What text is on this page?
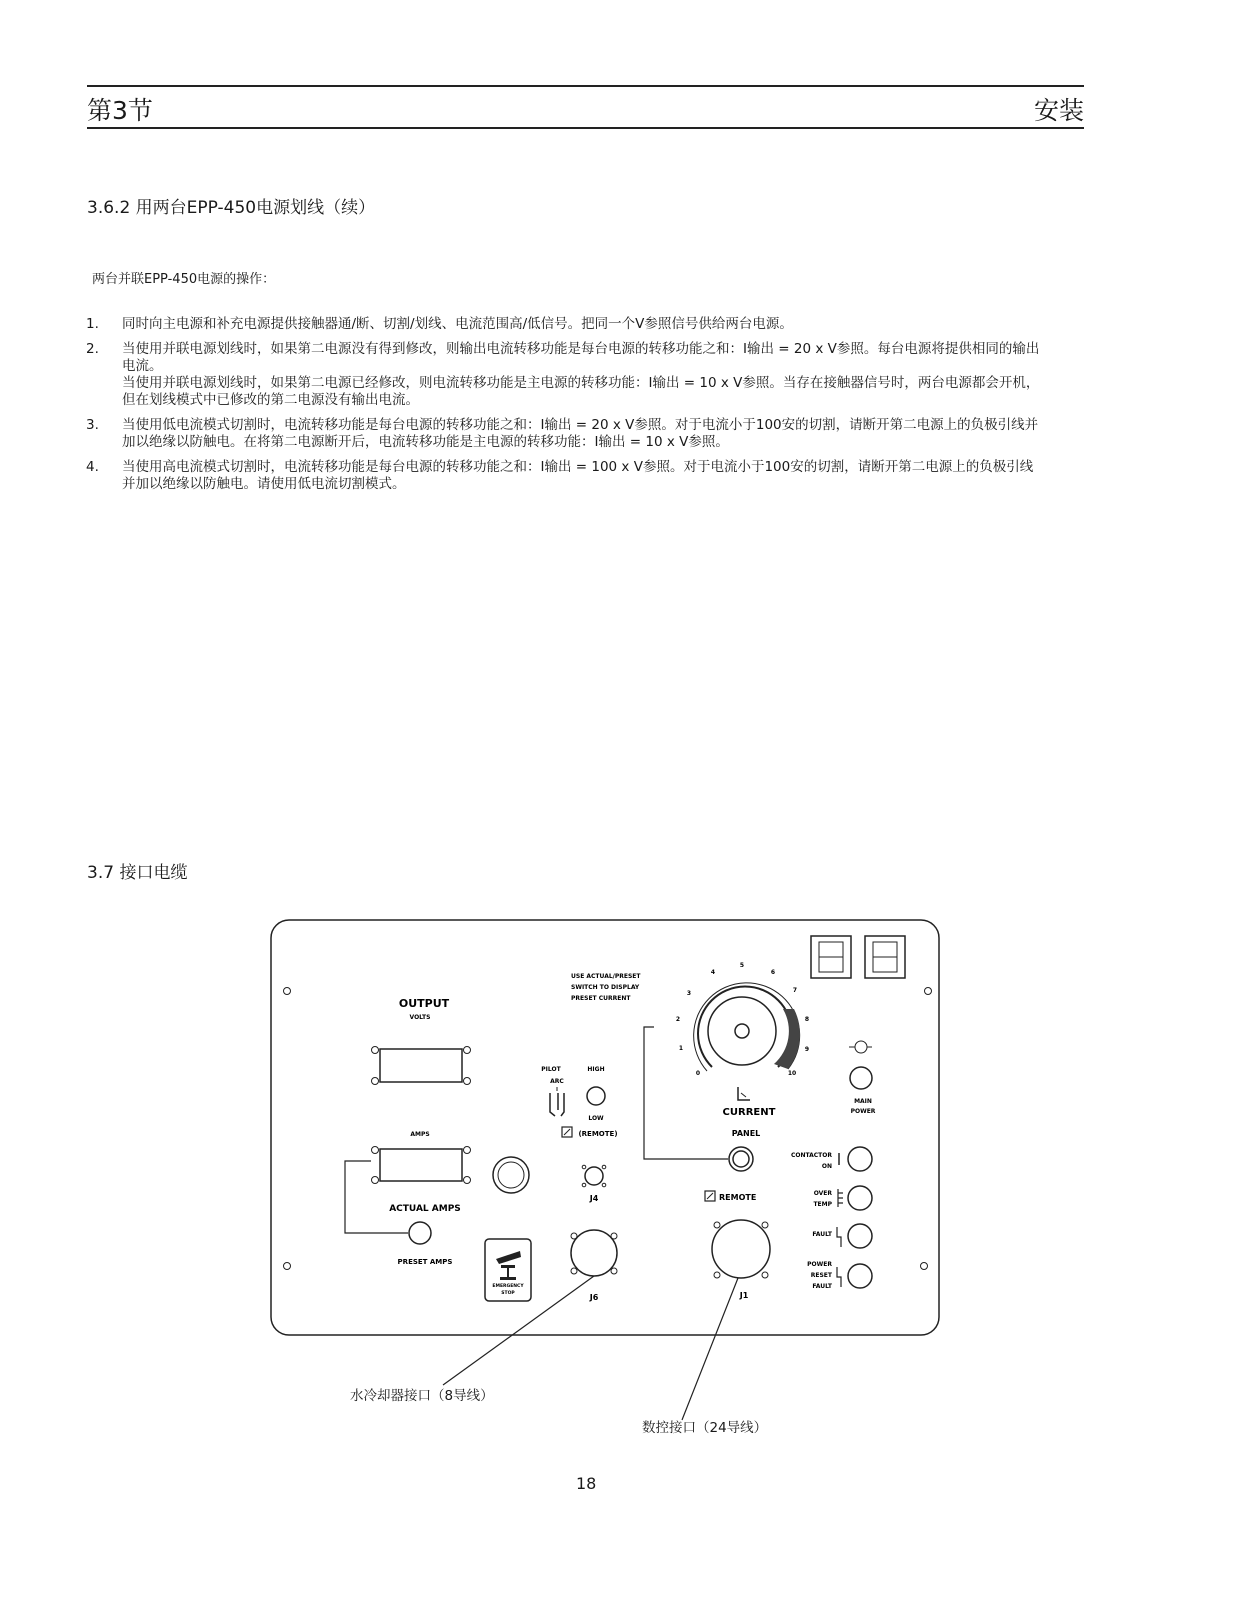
第3节	安装
3.6.2 用两台EPP-450电源划线（续）
两台并联EPP-450电源的操作：
1. 同时向主电源和补充电源提供接触器通/断、切割/划线、电流范围高/低信号。把同一个V参照信号供给两台电源。

2. 当使用并联电源划线时，如果第二电源没有得到修改，则输出电流转移功能是每台电源的转移功能之和：I输出 = 20 x V参照。每台电源将提供相同的输出电流。

当使用并联电源划线时，如果第二电源已经修改，则电流转移功能是主电源的转移功能：I输出 = 10 x V参照。当存在接触器信号时，两台电源都会开机，但在划线模式中已修改的第二电源没有输出电流。

3. 当使用低电流模式切割时，电流转移功能是每台电源的转移功能之和：I输出 = 20 x V参照。对于电流小于100安的切割，请断开第二电源上的负极引线并加以绝缘以防触电。在将第二电源断开后，电流转移功能是主电源的转移功能：I输出 = 10 x V参照。

4. 当使用高电流模式切割时，电流转移功能是每台电源的转移功能之和：I输出 = 100 x V参照。对于电流小于100安的切割，请断开第二电源上的负极引线并加以绝缘以防触电。请使用低电流切割模式。

3.7 接口电缆
OUTPUT
VOLTS
AMPS
ACTUAL AMPS
PRESET AMPS
EMERGENCY
STOP	J6
J4
PILOT
ARC
HIGH
LOW
(REMOTE)
USE ACTUAL/PRESET
SWITCH TO DISPLAY
PRESET CURRENT
0
1
2
3
4
5
6
7
8
9
10
CURRENT
PANEL
REMOTE
J1
MAIN
POWER
CONTACTOR
ON
OVER
TEMP
FAULT
POWER
RESET
FAULT
水冷却器接口（8导线）
数控接口（24导线）
18
